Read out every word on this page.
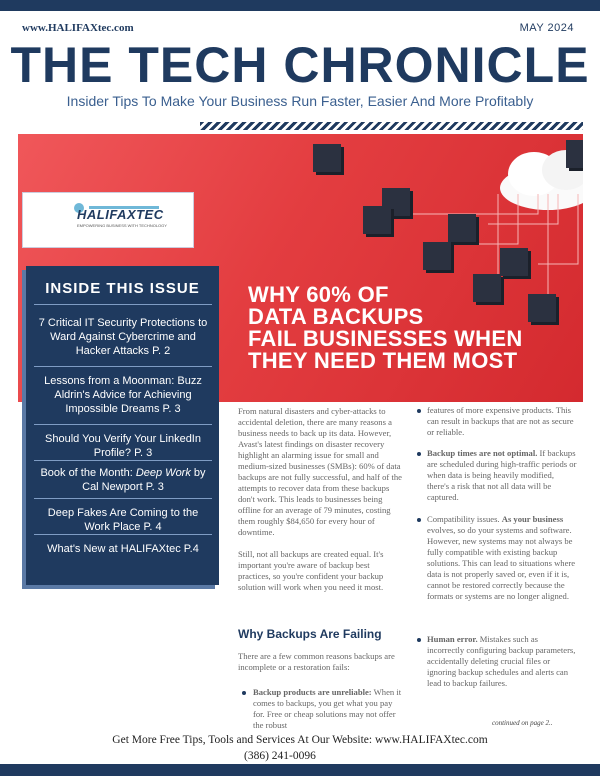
www.HALIFAXtec.com	MAY 2024
THE TECH CHRONICLE
Insider Tips To Make Your Business Run Faster, Easier And More Profitably
HALIFAXTEC
EMPOWERING BUSINESS WITH TECHNOLOGY
WHY 60% OF
DATA BACKUPS
FAIL BUSINESSES WHEN
THEY NEED THEM MOST
INSIDE THIS ISSUE
7 Critical IT Security Protections to Ward Against Cybercrime and Hacker Attacks P. 2
Lessons from a Moonman: Buzz Aldrin's Advice for Achieving Impossible Dreams P. 3
Should You Verify Your LinkedIn Profile? P. 3
Book of the Month: Deep Work by Cal Newport P. 3
Deep Fakes Are Coming to the Work Place P. 4
What's New at HALIFAXtec P.4

From natural disasters and cyber-attacks to accidental deletion, there are many reasons a business needs to back up its data. However, Avast's latest findings on disaster recovery highlight an alarming issue for small and medium-sized businesses (SMBs): 60% of data backups are not fully successful, and half of the attempts to recover data from these backups don't work. This leads to businesses being offline for an average of 79 minutes, costing them roughly $84,650 for every hour of downtime.

Still, not all backups are created equal. It's important you're aware of backup best practices, so you're confident your backup solution will work when you need it most.

Why Backups Are Failing
There are a few common reasons backups are incomplete or a restoration fails:
Backup products are unreliable: When it comes to backups, you get what you pay for. Free or cheap solutions may not offer the robust
features of more expensive products. This can result in backups that are not as secure or reliable.
Backup times are not optimal. If backups are scheduled during high-traffic periods or when data is being heavily modified, there's a risk that not all data will be captured.
Compatibility issues. As your business evolves, so do your systems and software. However, new systems may not always be fully compatible with existing backup solutions. This can lead to situations where data is not properly saved or, even if it is, cannot be restored correctly because the formats or systems are no longer aligned.
Human error. Mistakes such as incorrectly configuring backup parameters, accidentally deleting crucial files or ignoring backup schedules and alerts can lead to backup failures.
continued on page 2..
Get More Free Tips, Tools and Services At Our Website: www.HALIFAXtec.com
(386) 241-0096
